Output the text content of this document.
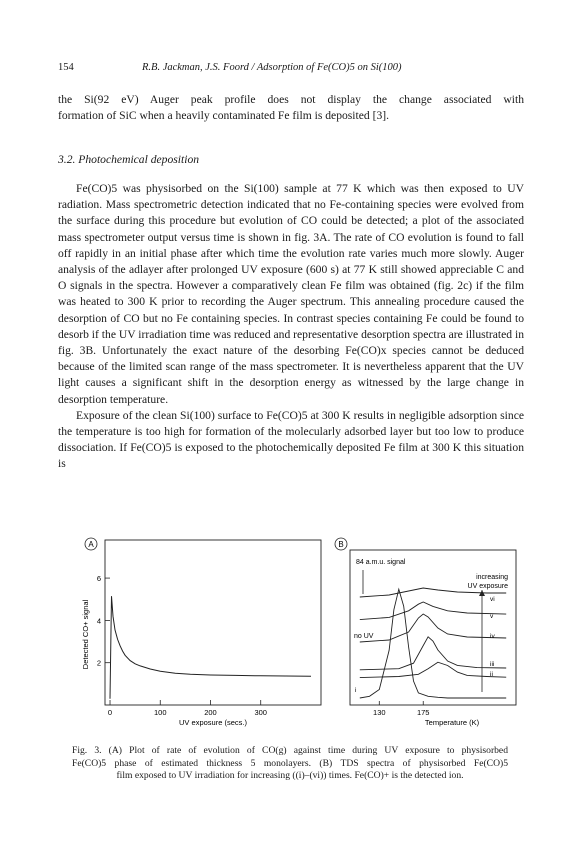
154	R.B. Jackman, J.S. Foord / Adsorption of Fe(CO)5 on Si(100)

the Si(92 eV) Auger peak profile does not display the change associated with

formation of SiC when a heavily contaminated Fe film is deposited [3].

3.2. Photochemical deposition

Fe(CO)5 was physisorbed on the Si(100) sample at 77 K which was then exposed to UV radiation. Mass spectrometric detection indicated that no Fe-containing species were evolved from the surface during this procedure but evolution of CO could be detected; a plot of the associated mass spectrometer output versus time is shown in fig. 3A. The rate of CO evolution is found to fall off rapidly in an initial phase after which time the evolution rate varies much more slowly. Auger analysis of the adlayer after prolonged UV exposure (600 s) at 77 K still showed appreciable C and O signals in the spectra. However a comparatively clean Fe film was obtained (fig. 2c) if the film was heated to 300 K prior to recording the Auger spectrum. This annealing procedure caused the desorption of CO but no Fe containing species. In contrast species containing Fe could be found to desorb if the UV irradiation time was reduced and representative desorption spectra are illustrated in fig. 3B. Unfortunately the exact nature of the desorbing Fe(CO)x species cannot be deduced because of the limited scan range of the mass spectrometer. It is nevertheless apparent that the UV light causes a significant shift in the desorption energy as witnessed by the large change in desorption temperature.

Exposure of the clean Si(100) surface to Fe(CO)5 at 300 K results in negligible adsorption since the temperature is too high for formation of the molecularly adsorbed layer but too low to produce dissociation. If Fe(CO)5 is exposed to the photochemically deposited Fe film at 300 K this situation is

A
0	100	200	300
2
4
6
Detected CO+ signal
UV exposure (secs.)
B
84 a.m.u. signal
increasing
UV exposure
no UV
130	175
i
ii
iii
iv
v
vi
Temperature (K)
Fig. 3. (A) Plot of rate of evolution of CO(g) against time during UV exposure to physisorbed
Fe(CO)5 phase of estimated thickness 5 monolayers. (B) TDS spectra of physisorbed Fe(CO)5
film exposed to UV irradiation for increasing ((i)–(vi)) times. Fe(CO)+ is the detected ion.
